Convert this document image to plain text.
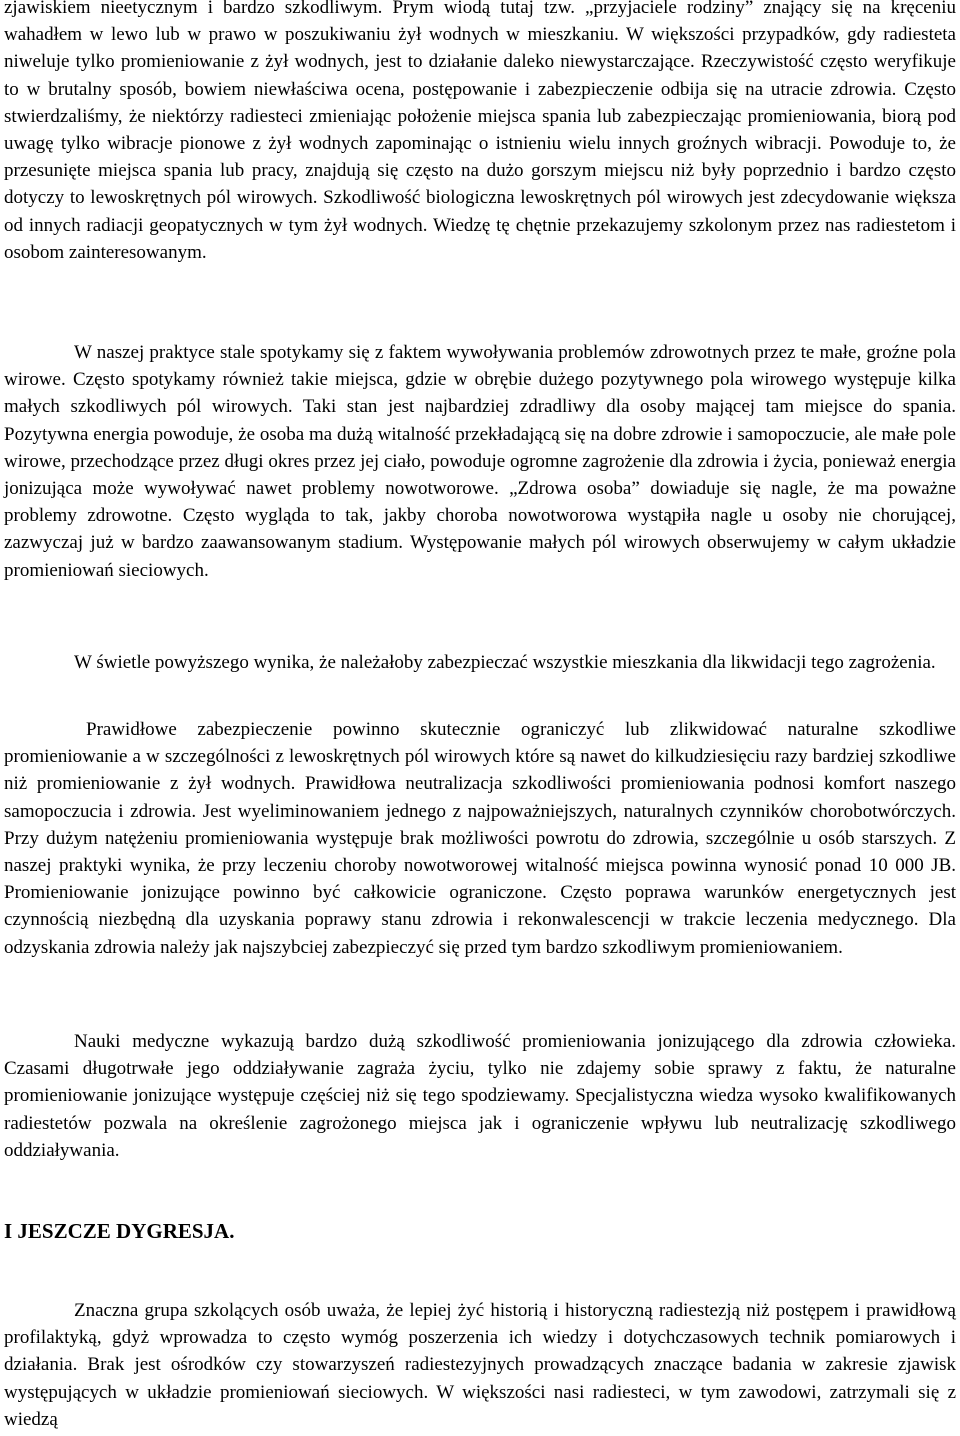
zjawiskiem nieetycznym i bardzo szkodliwym. Prym wiodą tutaj tzw. „przyjaciele rodziny” znający się na kręceniu wahadłem w lewo lub w prawo w poszukiwaniu żył wodnych w mieszkaniu. W większości przypadków, gdy radiesteta niweluje tylko promieniowanie z żył wodnych, jest to działanie daleko niewystarczające. Rzeczywistość często weryfikuje to w brutalny sposób, bowiem niewłaściwa ocena, postępowanie i zabezpieczenie odbija się na utracie zdrowia. Często stwierdzaliśmy, że niektórzy radiesteci zmieniając położenie miejsca spania lub zabezpieczając promieniowania, biorą pod uwagę tylko wibracje pionowe z żył wodnych zapominając o istnieniu wielu innych groźnych wibracji. Powoduje to, że przesunięte miejsca spania lub pracy, znajdują się często na dużo gorszym miejscu niż były poprzednio i bardzo często dotyczy to lewoskrętnych pól wirowych. Szkodliwość biologiczna lewoskrętnych pól wirowych jest zdecydowanie większa od innych radiacji geopatycznych w tym żył wodnych. Wiedzę tę chętnie przekazujemy szkolonym przez nas radiestetom i osobom zainteresowanym.

W naszej praktyce stale spotykamy się z faktem wywoływania problemów zdrowotnych przez te małe, groźne pola wirowe. Często spotykamy również takie miejsca, gdzie w obrębie dużego pozytywnego pola wirowego występuje kilka małych szkodliwych pól wirowych. Taki stan jest najbardziej zdradliwy dla osoby mającej tam miejsce do spania. Pozytywna energia powoduje, że osoba ma dużą witalność przekładającą się na dobre zdrowie i samopoczucie, ale małe pole wirowe, przechodzące przez długi okres przez jej ciało, powoduje ogromne zagrożenie dla zdrowia i życia, ponieważ energia jonizująca może wywoływać nawet problemy nowotworowe. „Zdrowa osoba” dowiaduje się nagle, że ma poważne problemy zdrowotne. Często wygląda to tak, jakby choroba nowotworowa wystąpiła nagle u osoby nie chorującej, zazwyczaj już w bardzo zaawansowanym stadium. Występowanie małych pól wirowych obserwujemy w całym układzie promieniowań sieciowych.

W świetle powyższego wynika, że należałoby zabezpieczać wszystkie mieszkania dla likwidacji tego zagrożenia.

Prawidłowe zabezpieczenie powinno skutecznie ograniczyć lub zlikwidować naturalne szkodliwe promieniowanie a w szczególności z lewoskrętnych pól wirowych które są nawet do kilkudziesięciu razy bardziej szkodliwe niż promieniowanie z żył wodnych. Prawidłowa neutralizacja szkodliwości promieniowania podnosi komfort naszego samopoczucia i zdrowia. Jest wyeliminowaniem jednego z najpoważniejszych, naturalnych czynników chorobotwórczych. Przy dużym natężeniu promieniowania występuje brak możliwości powrotu do zdrowia, szczególnie u osób starszych. Z naszej praktyki wynika, że przy leczeniu choroby nowotworowej witalność miejsca powinna wynosić ponad 10 000 JB. Promieniowanie jonizujące powinno być całkowicie ograniczone. Często poprawa warunków energetycznych jest czynnością niezbędną dla uzyskania poprawy stanu zdrowia i rekonwalescencji w trakcie leczenia medycznego. Dla odzyskania zdrowia należy jak najszybciej zabezpieczyć się przed tym bardzo szkodliwym promieniowaniem.

Nauki medyczne wykazują bardzo dużą szkodliwość promieniowania jonizującego dla zdrowia człowieka. Czasami długotrwałe jego oddziaływanie zagraża życiu, tylko nie zdajemy sobie sprawy z faktu, że naturalne promieniowanie jonizujące występuje częściej niż się tego spodziewamy. Specjalistyczna wiedza wysoko kwalifikowanych radiestetów pozwala na określenie zagrożonego miejsca jak i ograniczenie wpływu lub neutralizację szkodliwego oddziaływania.

I JESZCZE DYGRESJA.

Znaczna grupa szkolących osób uważa, że lepiej żyć historią i historyczną radiestezją niż postępem i prawidłową profilaktyką, gdyż wprowadza to często wymóg poszerzenia ich wiedzy i dotychczasowych technik pomiarowych i działania. Brak jest ośrodków czy stowarzyszeń radiestezyjnych prowadzących znaczące badania w zakresie zjawisk występujących w układzie promieniowań sieciowych. W większości nasi radiesteci, w tym zawodowi, zatrzymali się z wiedzą
